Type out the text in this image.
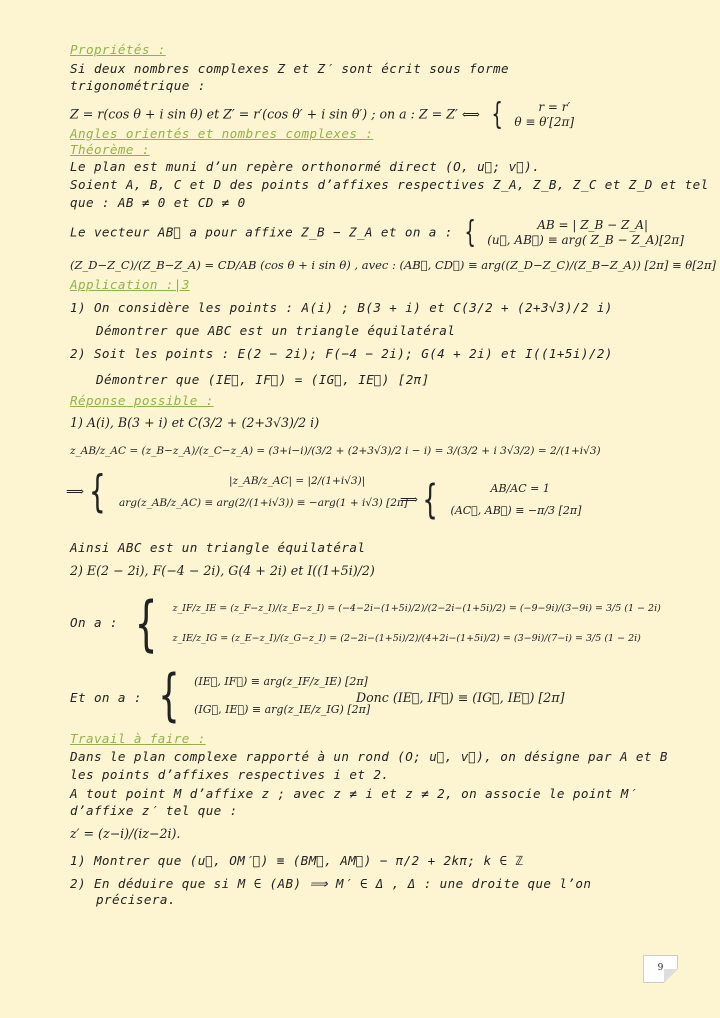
Propriétés :
Si deux nombres complexes Z et Z′ sont écrit sous forme
trigonométrique :
Z = r(cos θ + i sin θ) et Z′ = r′(cos θ′ + i sin θ′) ; on a : Z = Z′ ⟺ {	r = r′
θ ≡ θ′[2π]
Angles orientés et nombres complexes :
Théorème :
Le plan est muni d’un repère orthonormé direct (O, u⃗; v⃗).
Soient A, B, C et D des points d’affixes respectives Z_A, Z_B, Z_C et Z_D et tel
que : AB ≠ 0 et CD ≠ 0
Le vecteur AB⃗ a pour affixe Z_B − Z_A et on a : {	AB = | Z_B − Z_A|
(u⃗, AB⃗) ≡ arg( Z_B − Z_A)[2π]
(Z_D−Z_C)/(Z_B−Z_A) = CD/AB (cos θ + i sin θ) , avec : (AB⃗, CD⃗) ≡ arg((Z_D−Z_C)/(Z_B−Z_A)) [2π] ≡ θ[2π]
Application :|3
1) On considère les points : A(i) ; B(3 + i) et C(3/2 + (2+3√3)/2 i)
Démontrer que ABC est un triangle équilatéral
2) Soit les points : E(2 − 2i); F(−4 − 2i); G(4 + 2i) et I((1+5i)/2)
Démontrer que (IE⃗, IF⃗) = (IG⃗, IE⃗) [2π]
Réponse possible :
1) A(i), B(3 + i) et C(3/2 + (2+3√3)/2 i)
z_AB/z_AC = (z_B−z_A)/(z_C−z_A) = (3+i−i)/(3/2 + (2+3√3)/2 i − i) = 3/(3/2 + i 3√3/2) = 2/(1+i√3)
⟹ {	|z_AB/z_AC| = |2/(1+i√3)|
arg(z_AB/z_AC) ≡ arg(2/(1+i√3)) ≡ −arg(1 + i√3) [2π]
⟹ {	AB/AC = 1
(AC⃗, AB⃗) ≡ −π/3 [2π]
Ainsi ABC est un triangle équilatéral
2) E(2 − 2i), F(−4 − 2i), G(4 + 2i) et I((1+5i)/2)
On a : { z_IF/z_IE = (z_F−z_I)/(z_E−z_I) = (−4−2i−(1+5i)/2)/(2−2i−(1+5i)/2) = (−9−9i)/(3−9i) = 3/5 (1 − 2i)
z_IE/z_IG = (z_E−z_I)/(z_G−z_I) = (2−2i−(1+5i)/2)/(4+2i−(1+5i)/2) = (3−9i)/(7−i) = 3/5 (1 − 2i)
Et on a : { (IE⃗, IF⃗) ≡ arg(z_IF/z_IE) [2π]
(IG⃗, IE⃗) ≡ arg(z_IE/z_IG) [2π]
Donc (IE⃗, IF⃗) ≡ (IG⃗, IE⃗) [2π]
Travail à faire :
Dans le plan complexe rapporté à un rond (O; u⃗, v⃗), on désigne par A et B
les points d’affixes respectives i et 2.
A tout point M d’affixe z ; avec z ≠ i et z ≠ 2, on associe le point M′
d’affixe z′ tel que :
z′ = (z−i)/(iz−2i).
1) Montrer que (u⃗, OM′⃗) ≡ (BM⃗, AM⃗) − π/2 + 2kπ; k ∈ ℤ
2) En déduire que si M ∈ (AB) ⟹ M′ ∈ Δ , Δ : une droite que l’on
précisera.
9
